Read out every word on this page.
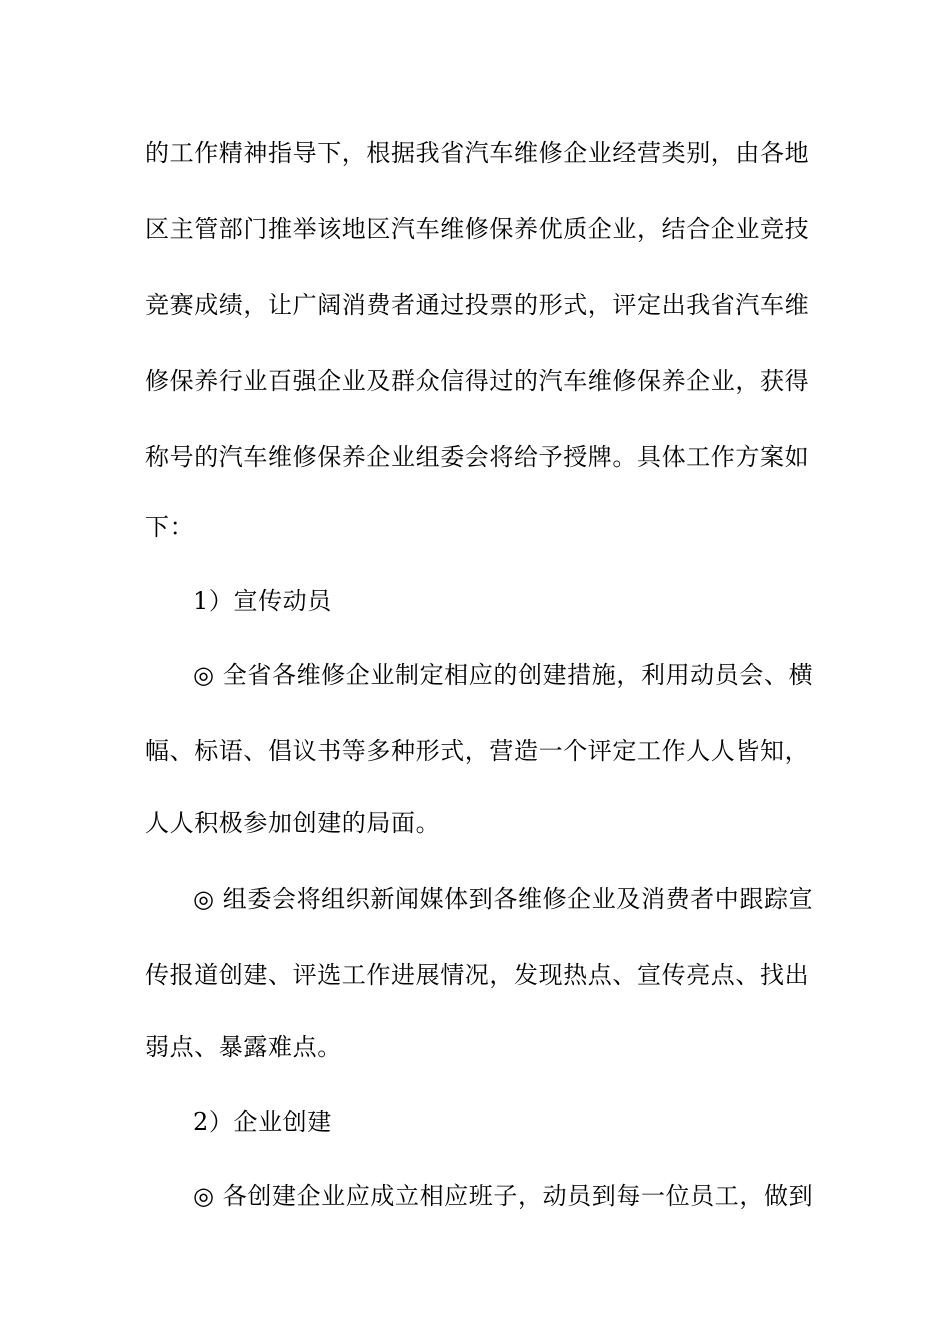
的工作精神指导下，根据我省汽车维修企业经营类别，由各地
区主管部门推举该地区汽车维修保养优质企业，结合企业竞技
竞赛成绩，让广阔消费者通过投票的形式，评定出我省汽车维
修保养行业百强企业及群众信得过的汽车维修保养企业，获得
称号的汽车维修保养企业组委会将给予授牌。具体工作方案如
下：
1）宣传动员
◎ 全省各维修企业制定相应的创建措施，利用动员会、横
幅、标语、倡议书等多种形式，营造一个评定工作人人皆知，
人人积极参加创建的局面。
◎ 组委会将组织新闻媒体到各维修企业及消费者中跟踪宣
传报道创建、评选工作进展情况，发现热点、宣传亮点、找出
弱点、暴露难点。
2）企业创建
◎ 各创建企业应成立相应班子，动员到每一位员工，做到
